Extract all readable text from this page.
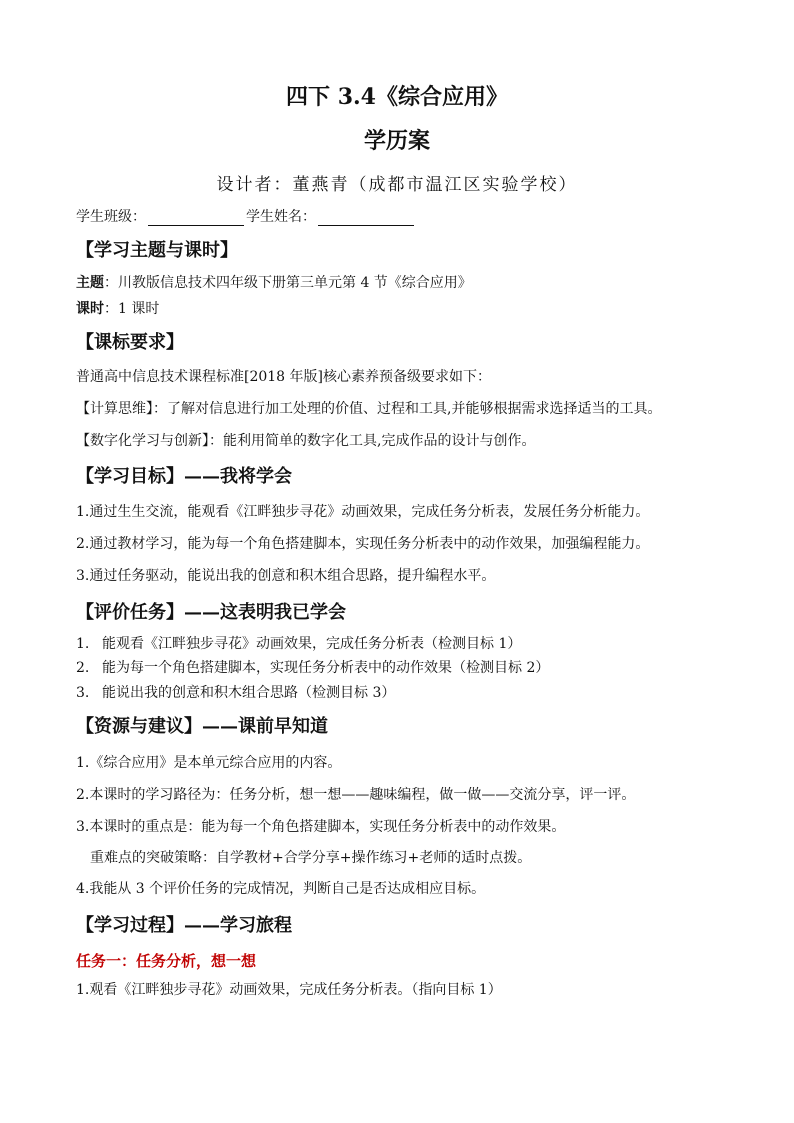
四下 3.4《综合应用》
学历案
设计者：董燕青（成都市温江区实验学校）
学生班级：	学生姓名：
【学习主题与课时】
主题：川教版信息技术四年级下册第三单元第 4 节《综合应用》
课时：1 课时
【课标要求】
普通高中信息技术课程标准[2018 年版]核心素养预备级要求如下：
【计算思维】：了解对信息进行加工处理的价值、过程和工具,并能够根据需求选择适当的工具。
【数字化学习与创新】：能利用简单的数字化工具,完成作品的设计与创作。
【学习目标】——我将学会
1.通过生生交流，能观看《江畔独步寻花》动画效果，完成任务分析表，发展任务分析能力。
2.通过教材学习，能为每一个角色搭建脚本，实现任务分析表中的动作效果，加强编程能力。
3.通过任务驱动，能说出我的创意和积木组合思路，提升编程水平。
【评价任务】——这表明我已学会
1. 能观看《江畔独步寻花》动画效果，完成任务分析表（检测目标 1）
2. 能为每一个角色搭建脚本，实现任务分析表中的动作效果（检测目标 2）
3. 能说出我的创意和积木组合思路（检测目标 3）
【资源与建议】——课前早知道
1.《综合应用》是本单元综合应用的内容。
2.本课时的学习路径为：任务分析，想一想——趣味编程，做一做——交流分享，评一评。
3.本课时的重点是：能为每一个角色搭建脚本，实现任务分析表中的动作效果。
重难点的突破策略：自学教材+合学分享+操作练习+老师的适时点拨。
4.我能从 3 个评价任务的完成情况，判断自己是否达成相应目标。
【学习过程】——学习旅程
任务一：任务分析，想一想
1.观看《江畔独步寻花》动画效果，完成任务分析表。（指向目标 1）
